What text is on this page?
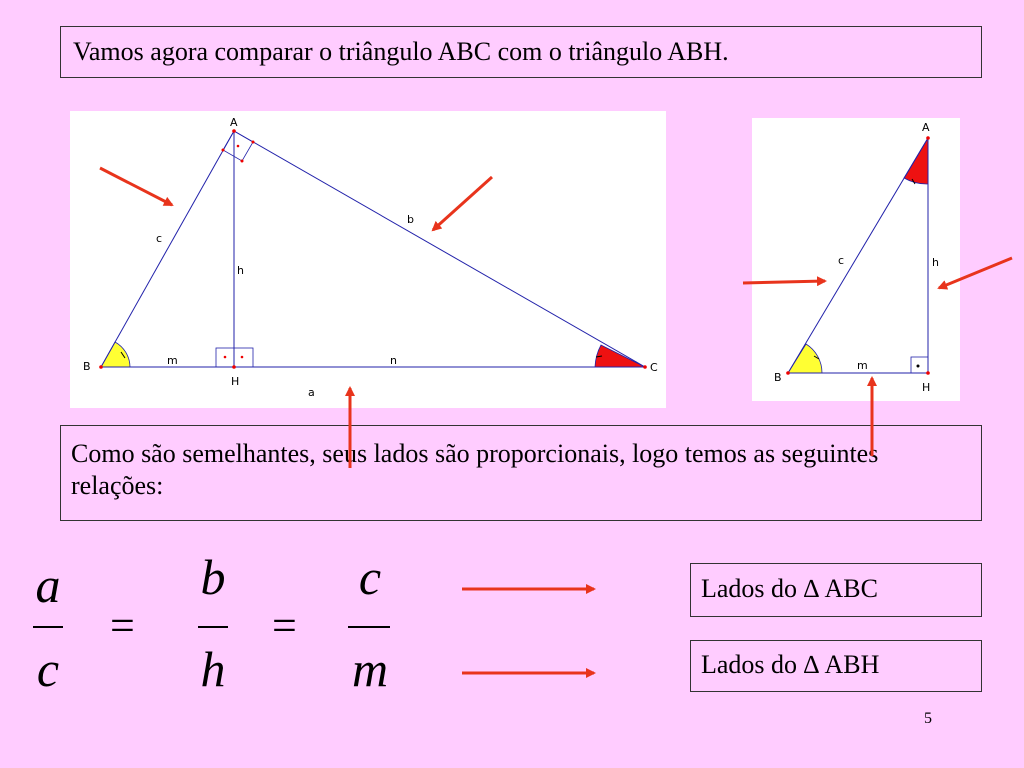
Vamos agora comparar o triângulo ABC com o triângulo ABH.
A
B	C
H
c
b
h
m	n
a
A
B
H
c	h
m
Como são semelhantes, seus lados são proporcionais, logo temos as seguintes relações:
a
c
=
b
h
=
c
m
Lados do ∆ ABC
Lados do ∆ ABH
5
